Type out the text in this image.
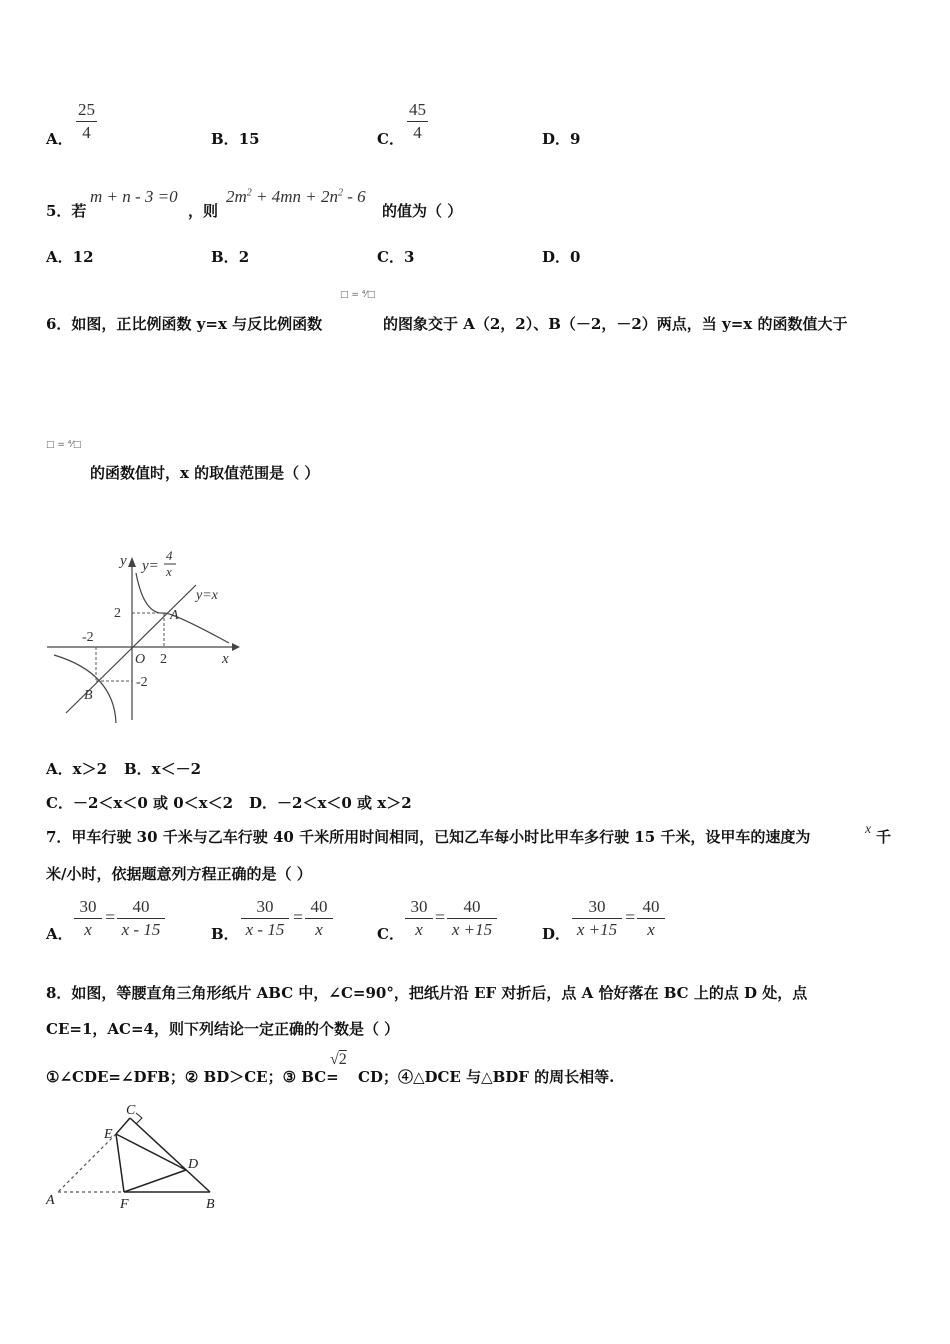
A． $\frac{25}{4}$	B．15	C． $\frac{45}{4}$	D．9
5．若
m + n - 3 =0
，则
$2m^2 + 4mn + 2n^2 - 6$
的值为（ ）
A．12	B．2	C．3	D．0
6．如图，正比例函数 y=x 与反比例函数
□ = ⁴⁄□
的图象交于 A（2，2）、B（－2，－2）两点，当 y=x 的函数值大于
□ = ⁴⁄□
的函数值时，x 的取值范围是（ ）
y y=
4
x
y=x
2
-2
O 2	x
-2
A
B
A．x＞2 B．x＜－2
C．－2＜x＜0 或 0＜x＜2 D．－2＜x＜0 或 x＞2
7．甲车行驶 30 千米与乙车行驶 40 千米所用时间相同，已知乙车每小时比甲车多行驶 15 千米，设甲车的速度为	x 千
米/小时，依据题意列方程正确的是（ ）
A． $\frac{30}{x} = \frac{40}{x - 15}$	B． $\frac{30}{x - 15} = \frac{40}{x}$	C． $\frac{30}{x} = \frac{40}{x +15}$	D． $\frac{30}{x +15} = \frac{40}{x}$
8．如图，等腰直角三角形纸片 ABC 中，∠C=90°，把纸片沿 EF 对折后，点 A 恰好落在 BC 上的点 D 处，点
CE=1，AC=4，则下列结论一定正确的个数是（ ）
①∠CDE=∠DFB；② BD＞CE；③ BC=
√2
CD；④△DCE 与△BDF 的周长相等.
C
E
D
A	F	B
